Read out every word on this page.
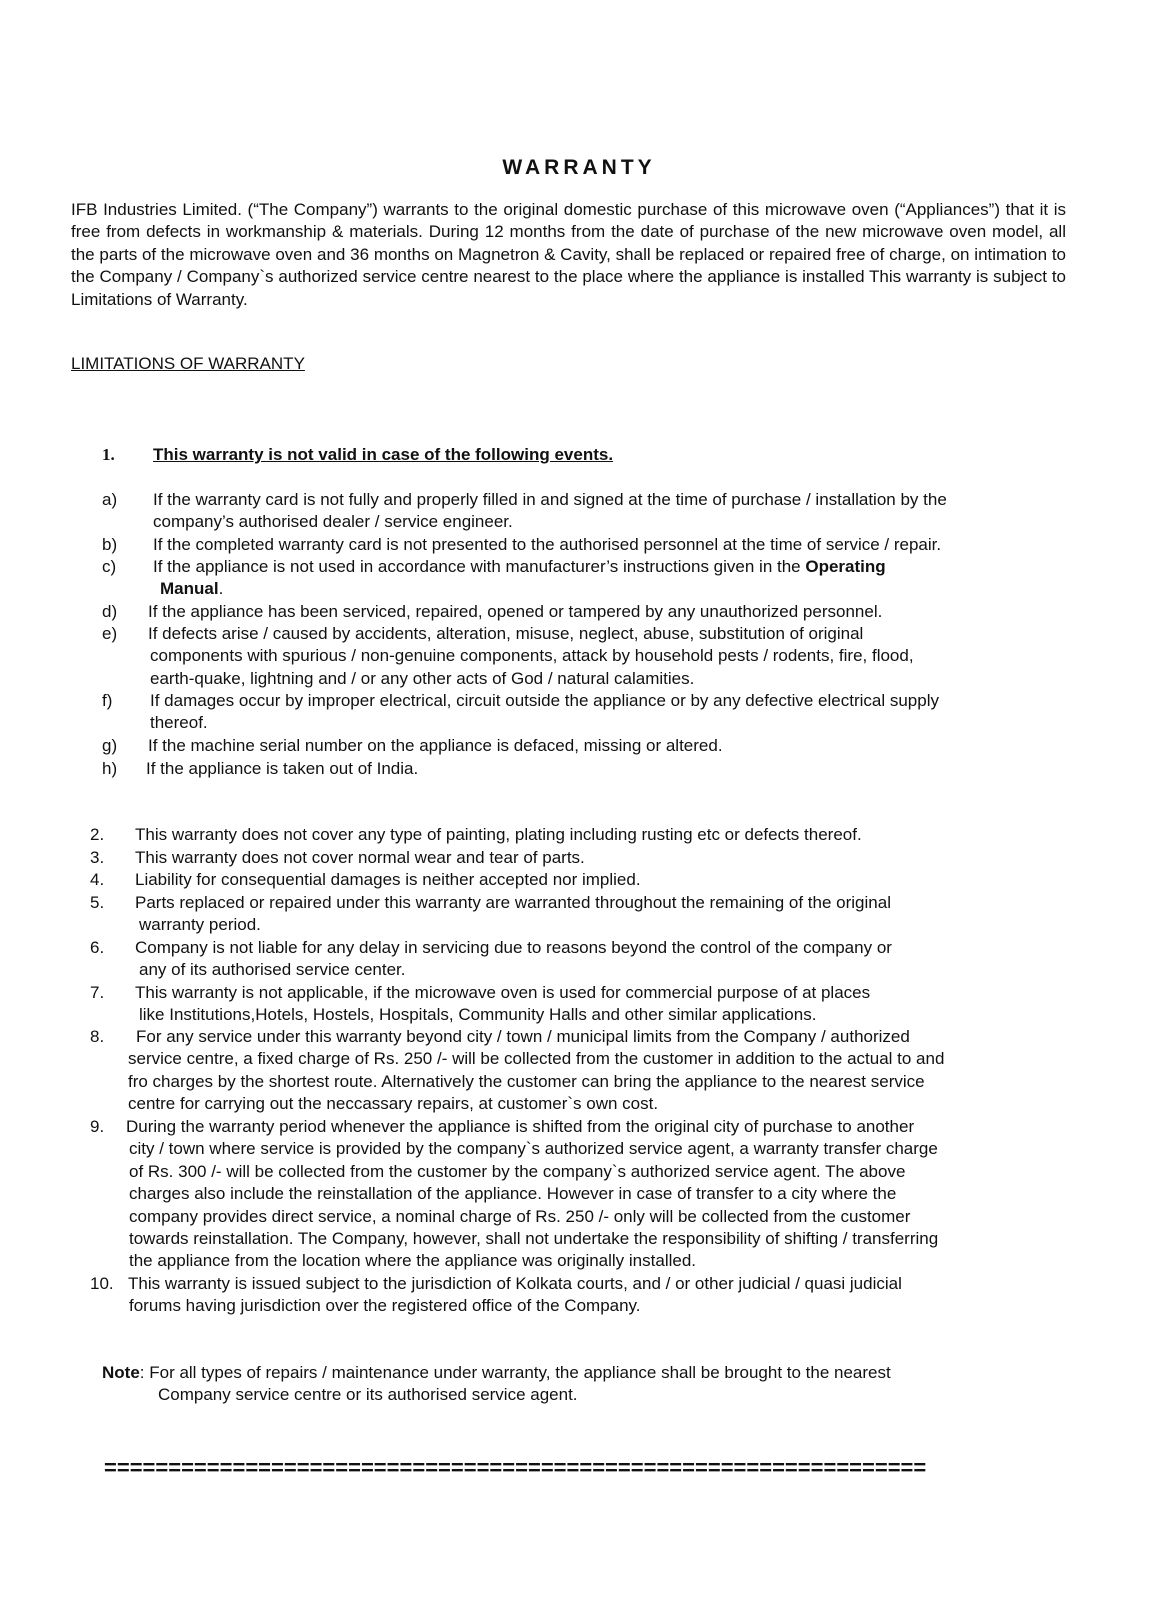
WARRANTY
IFB Industries Limited. (“The Company”) warrants to the original domestic purchase of this microwave oven (“Appliances”) that it is free from defects in workmanship & materials. During 12 months from the date of purchase of the new microwave oven model, all the parts of the microwave oven and 36 months on Magnetron & Cavity, shall be replaced or repaired free of charge, on intimation to the Company / Company`s authorized service centre nearest to the place where the appliance is installed This warranty is subject to Limitations of Warranty.
LIMITATIONS OF WARRANTY
1. This warranty is not valid in case of the following events.
a) If the warranty card is not fully and properly filled in and signed at the time of purchase / installation by the
company’s authorised dealer / service engineer.
b) If the completed warranty card is not presented to the authorised personnel at the time of service / repair.
c) If the appliance is not used in accordance with manufacturer’s instructions given in the Operating
Manual.
d) If the appliance has been serviced, repaired, opened or tampered by any unauthorized personnel.
e) If defects arise / caused by accidents, alteration, misuse, neglect, abuse, substitution of original
components with spurious / non-genuine components, attack by household pests / rodents, fire, flood,
earth-quake, lightning and / or any other acts of God / natural calamities.
f) If damages occur by improper electrical, circuit outside the appliance or by any defective electrical supply
thereof.
g) If the machine serial number on the appliance is defaced, missing or altered.
h) If the appliance is taken out of India.
2. This warranty does not cover any type of painting, plating including rusting etc or defects thereof.
3. This warranty does not cover normal wear and tear of parts.
4. Liability for consequential damages is neither accepted nor implied.
5. Parts replaced or repaired under this warranty are warranted throughout the remaining of the original
warranty period.
6. Company is not liable for any delay in servicing due to reasons beyond the control of the company or
any of its authorised service center.
7. This warranty is not applicable, if the microwave oven is used for commercial purpose of at places
like Institutions,Hotels, Hostels, Hospitals, Community Halls and other similar applications.
8.	For any service under this warranty beyond city / town / municipal limits from the Company / authorized
service centre, a fixed charge of Rs. 250 /- will be collected from the customer in addition to the actual to and
fro charges by the shortest route. Alternatively the customer can bring the appliance to the nearest service
centre for carrying out the neccassary repairs, at customer`s own cost.
9. During the warranty period whenever the appliance is shifted from the original city of purchase to another
city / town where service is provided by the company`s authorized service agent, a warranty transfer charge
of Rs. 300 /- will be collected from the customer by the company`s authorized service agent. The above
charges also include the reinstallation of the appliance. However in case of transfer to a city where the
company provides direct service, a nominal charge of Rs. 250 /- only will be collected from the customer
towards reinstallation. The Company, however, shall not undertake the responsibility of shifting / transferring
the appliance from the location where the appliance was originally installed.
10. This warranty is issued subject to the jurisdiction of Kolkata courts, and / or other judicial / quasi judicial
forums having jurisdiction over the registered office of the Company.
Note: For all types of repairs / maintenance under warranty, the appliance shall be brought to the nearest
Company service centre or its authorised service agent.
================================================================
